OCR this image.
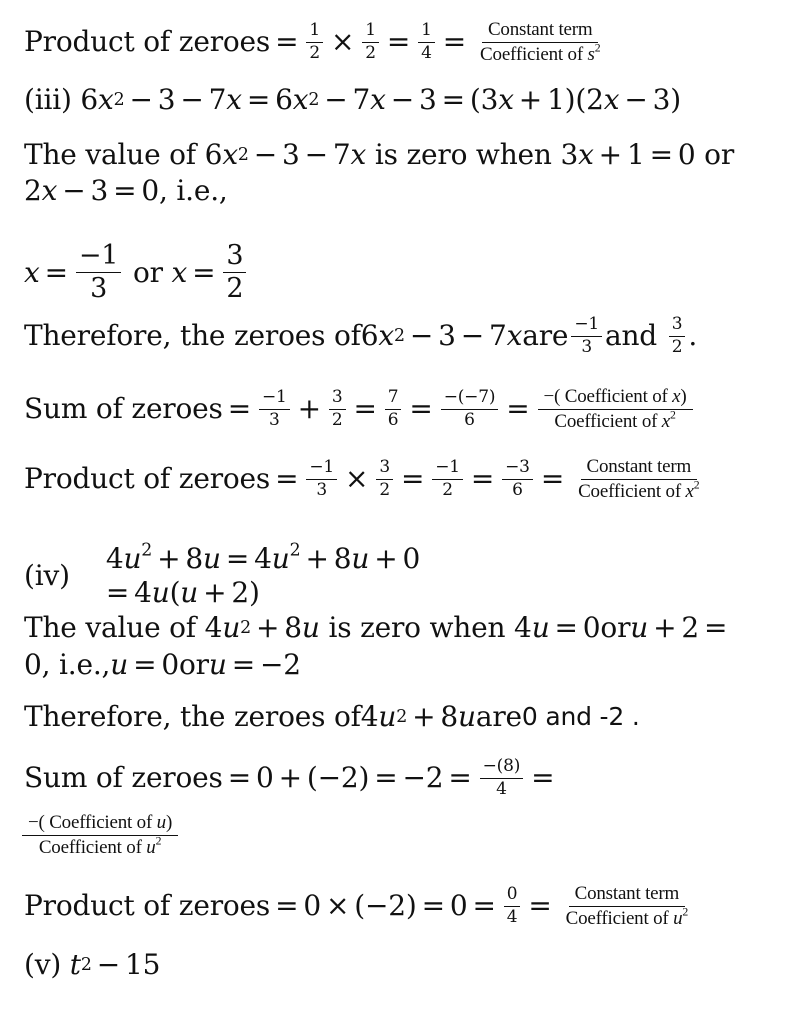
Product of zeroes = $\frac{1}{2} \times \frac{1}{2} = \frac{1}{4}$ =	Constant term
Coefficient of $s^2$
(iii) 6 x 2 − 3 − 7 x = 6 x 2 − 7 x − 3 = (3 x + 1)(2 x − 3)
The value of 6 x 2 − 3 − 7 x
is zero when 3 x + 1 = 0 or
2 x − 3 = 0 , i.e.,
$x = \frac{-1}{3}$
or
$x = \frac{3}{2}$
Therefore, the zeroes of 6 x 2 − 3 − 7 x are −1
3 and
3
2 .
Sum of zeroes = $\frac{-1}{3} + \frac{3}{2} = \frac{7}{6} = \frac{-(-7)}{6}$ = −( Coefficient of x)
Coefficient of $x^2$
Product of zeroes = $\frac{-1}{3} \times \frac{3}{2} = \frac{-1}{2} = \frac{-3}{6}$ =	Constant term
Coefficient of $x^2$
(iv)
$4u^2 + 8u = 4u^2 + 8u + 0$
= 4u(u + 2)
The value of 4 u 2 + 8 u
is zero when 4 u = 0 or u + 2 =
0 , i.e., u = 0 or u = −2
Therefore, the zeroes of 4 u 2 + 8 u are 0 and -2 .
Sum of zeroes = $0 + (-2) = -2 = \frac{-(8)}{4}$ =
−( Coefficient of u)
Coefficient of $u^2$
Product of zeroes = $0 \times (-2) = 0 = \frac{0}{4}$ =	Constant term
Coefficient of $u^2$
(v)
t 2 − 15
